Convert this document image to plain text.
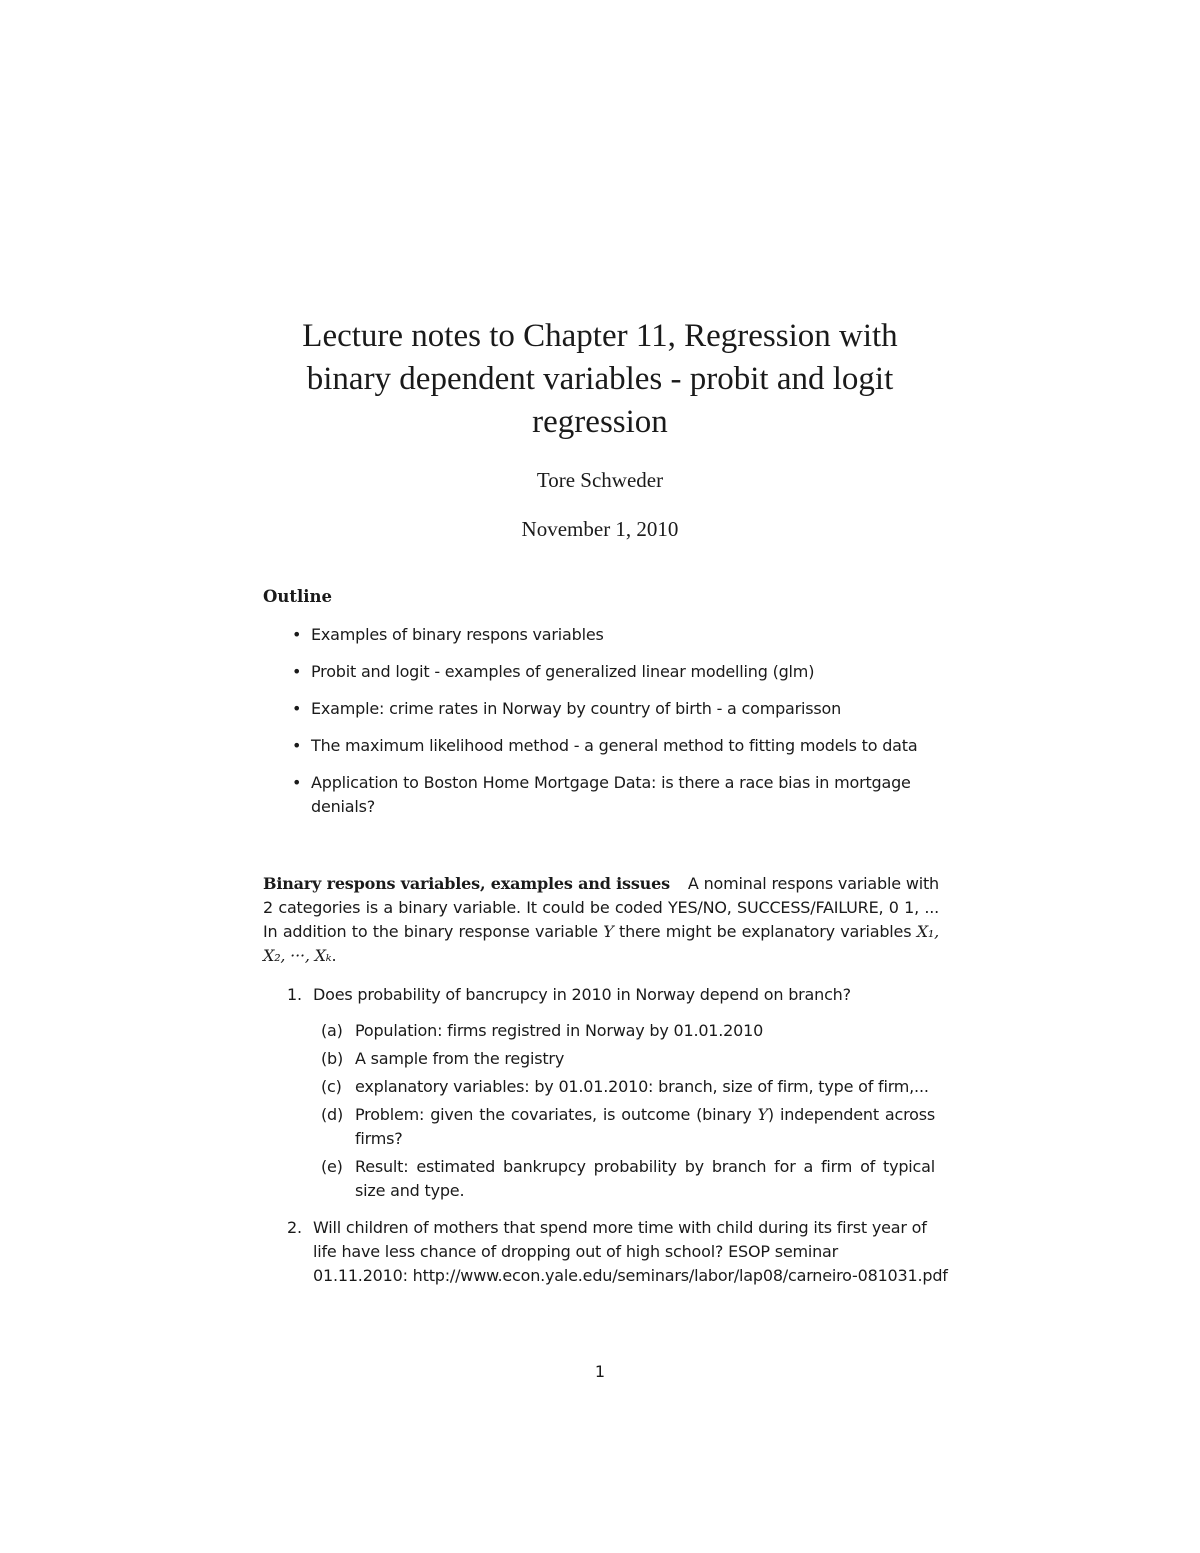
Lecture notes to Chapter 11, Regression with
binary dependent variables - probit and logit
regression
Tore Schweder
November 1, 2010
Outline
• Examples of binary respons variables
• Probit and logit - examples of generalized linear modelling (glm)
• Example: crime rates in Norway by country of birth - a comparisson
• The maximum likelihood method - a general method to fitting models to data
• Application to Boston Home Mortgage Data: is there a race bias in mortgage denials?
Binary respons variables, examples and issues A nominal respons variable with 2 categories is a binary variable. It could be coded YES/NO, SUCCESS/FAILURE, 0 1, ... In addition to the binary response variable Y there might be explanatory variables X₁, X₂, ···, Xₖ.
1. Does probability of bancrupcy in 2010 in Norway depend on branch?
(a) Population: firms registred in Norway by 01.01.2010
(b) A sample from the registry
(c) explanatory variables: by 01.01.2010: branch, size of firm, type of firm,...
(d) Problem: given the covariates, is outcome (binary Y) independent across firms?
(e) Result: estimated bankrupcy probability by branch for a firm of typical size and type.
2. Will children of mothers that spend more time with child during its first year of life have less chance of dropping out of high school? ESOP seminar
01.11.2010: http://www.econ.yale.edu/seminars/labor/lap08/carneiro-081031.pdf
1
